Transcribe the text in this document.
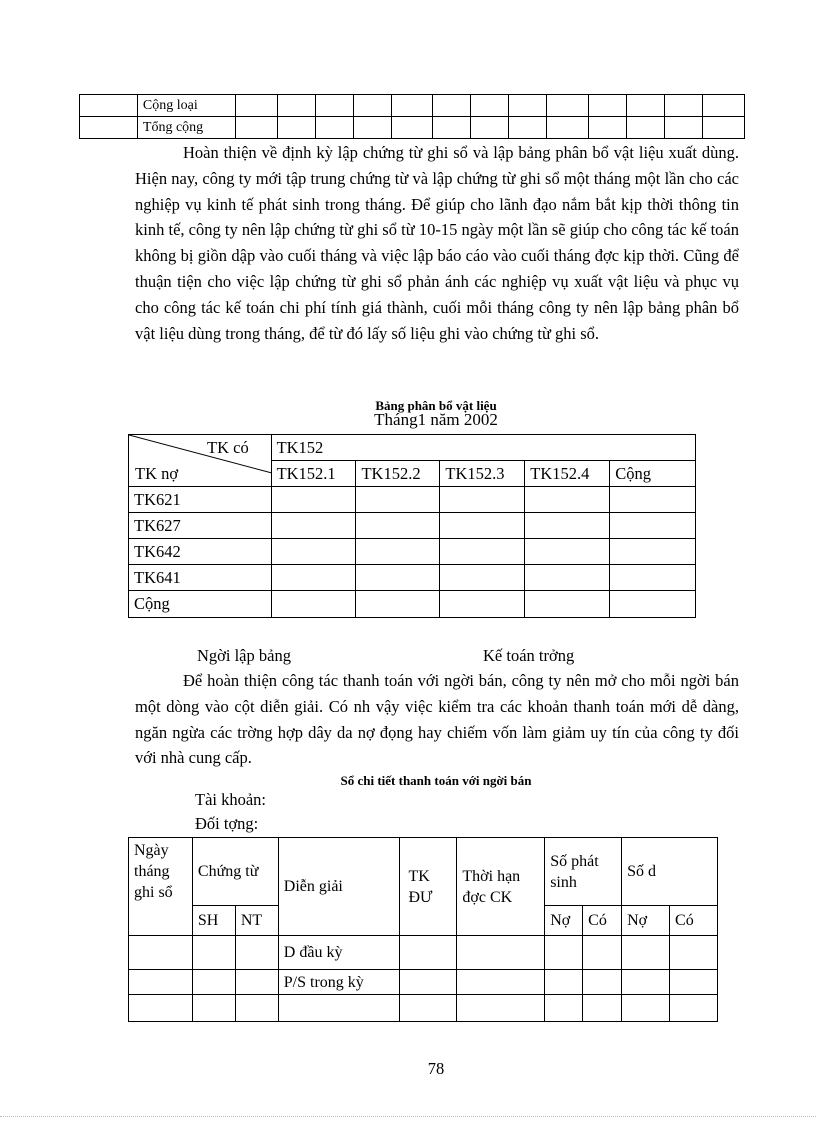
	Cộng loại													
	Tổng cộng													

Hoàn thiện về định kỳ lập chứng từ ghi sổ và lập bảng phân bổ vật liệu xuất dùng. Hiện nay, công ty mới tập trung chứng từ và lập chứng từ ghi sổ một tháng một lần cho các nghiệp vụ kinh tế phát sinh trong tháng. Để giúp cho lãnh đạo nắm bắt kịp thời thông tin kinh tế, công ty nên lập chứng từ ghi sổ từ 10-15 ngày một lần sẽ giúp cho công tác kế toán không bị giồn dập vào cuối tháng và việc lập báo cáo vào cuối tháng đợc kịp thời. Cũng để thuận tiện cho việc lập chứng từ ghi sổ phản ánh các nghiệp vụ xuất vật liệu và phục vụ cho công tác kế toán chi phí tính giá thành, cuối mỗi tháng công ty nên lập bảng phân bổ vật liệu dùng trong tháng, để từ đó lấy số liệu ghi vào chứng từ ghi sổ.

Bảng phân bổ vật liệu
Tháng1 năm 2002
TK có
TK nợ	TK152				
	TK152.1	TK152.2	TK152.3	TK152.4	Cộng
TK621					
TK627					
TK642					
TK641					
Cộng					
Ngời lập bảng	Kế toán trởng

Để hoàn thiện công tác thanh toán với ngời bán, công ty nên mở cho mỗi ngời bán một dòng vào cột diễn giải. Có nh vậy việc kiểm tra các khoản thanh toán mới dễ dàng, ngăn ngừa các trờng hợp dây da nợ đọng hay chiếm vốn làm giảm uy tín của công ty đối với nhà cung cấp.

Sổ chi tiết thanh toán với ngời bán
Tài khoản:
Đối tợng:
Ngày tháng ghi sổ	Chứng từ		Diễn giải	TK ĐƯ	Thời hạn đợc CK	Số phát sinh		Số d	
	SH	NT				Nợ	Có	Nợ	Có
			D đầu kỳ						
			P/S trong kỳ						

78
